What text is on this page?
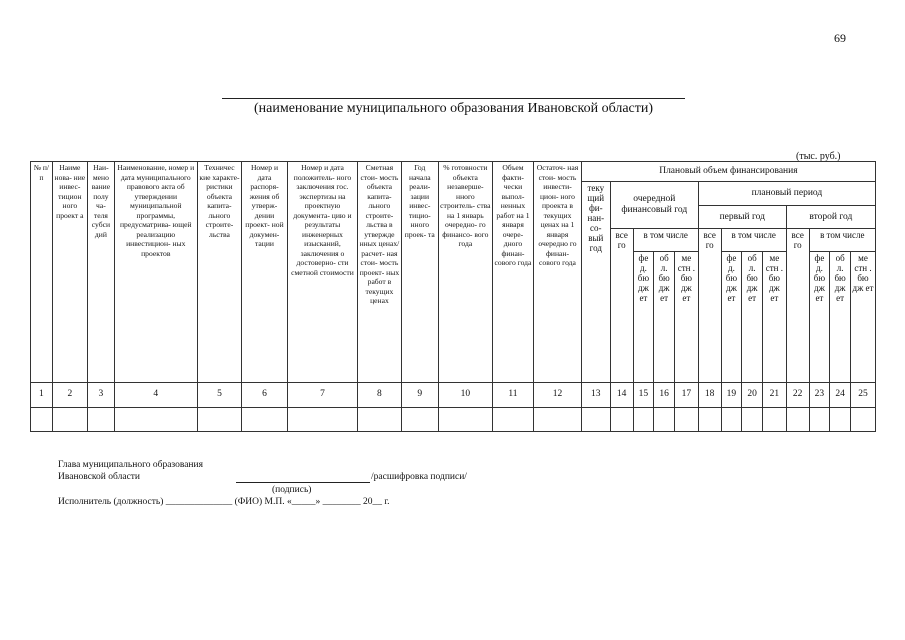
69
(наименование муниципального образования Ивановской области)
(тыс. руб.)
№ п/п	Наиме нова- ние инвес- тицион ного проект а	Наи- мено вание полу ча- теля субси дий	Наименование, номер и дата муниципального правового акта об утверждении муниципальной программы, предусматрива- ющей реализацию инвестицион- ных проектов	Техничес кие характе- ристики объекта капита- льного строите- льства	Номер и дата распоря- жения об утверж- дении проект- ной докумен- тации	Номер и дата положитель- ного заключения гос. экспертизы на проектную документа- цию и результаты инженерных изысканий, заключения о достоверно- сти сметной стоимости	Сметная стои- мость объекта капита- льного строите- льства в утвержде нных ценах/ расчет- ная стои- мость проект- ных работ в текущих ценах	Год начала реали- зации инвес- тицио- нного проек- та	% готовности объекта незаверше- нного строитель- ства на 1 январь очередно- го финансо- вого года	Объем факти- чески выпол- ненных работ на 1 января очере- дного финан- сового года	Остаточ- ная стои- мость инвести- цион- ного проекта в текущих ценах на 1 января очередно го финан- сового года	Плановый объем финансирования												
												теку щий фи- нан- со- вый год	очередной финансовый год				плановый период							
																	первый год				второй год			
													все го	в том числе			все го	в том числе			все го	в том числе		
														фе д. бю дж ет	об л. бю дж ет	ме стн . бю дж ет		фе д. бю дж ет	об л. бю дж ет	ме стн . бю дж ет		фе д. бю дж ет	об л. бю дж ет	ме стн . бю дж ет
1	2	3	4	5	6	7	8	9	10	11	12	13	14	15	16	17	18	19	20	21	22	23	24	25

Глава муниципального образования
Ивановской области	/расшифровка подписи/
(подпись)
Исполнитель (должность) ______________ (ФИО) М.П. «_____» ________ 20__ г.
